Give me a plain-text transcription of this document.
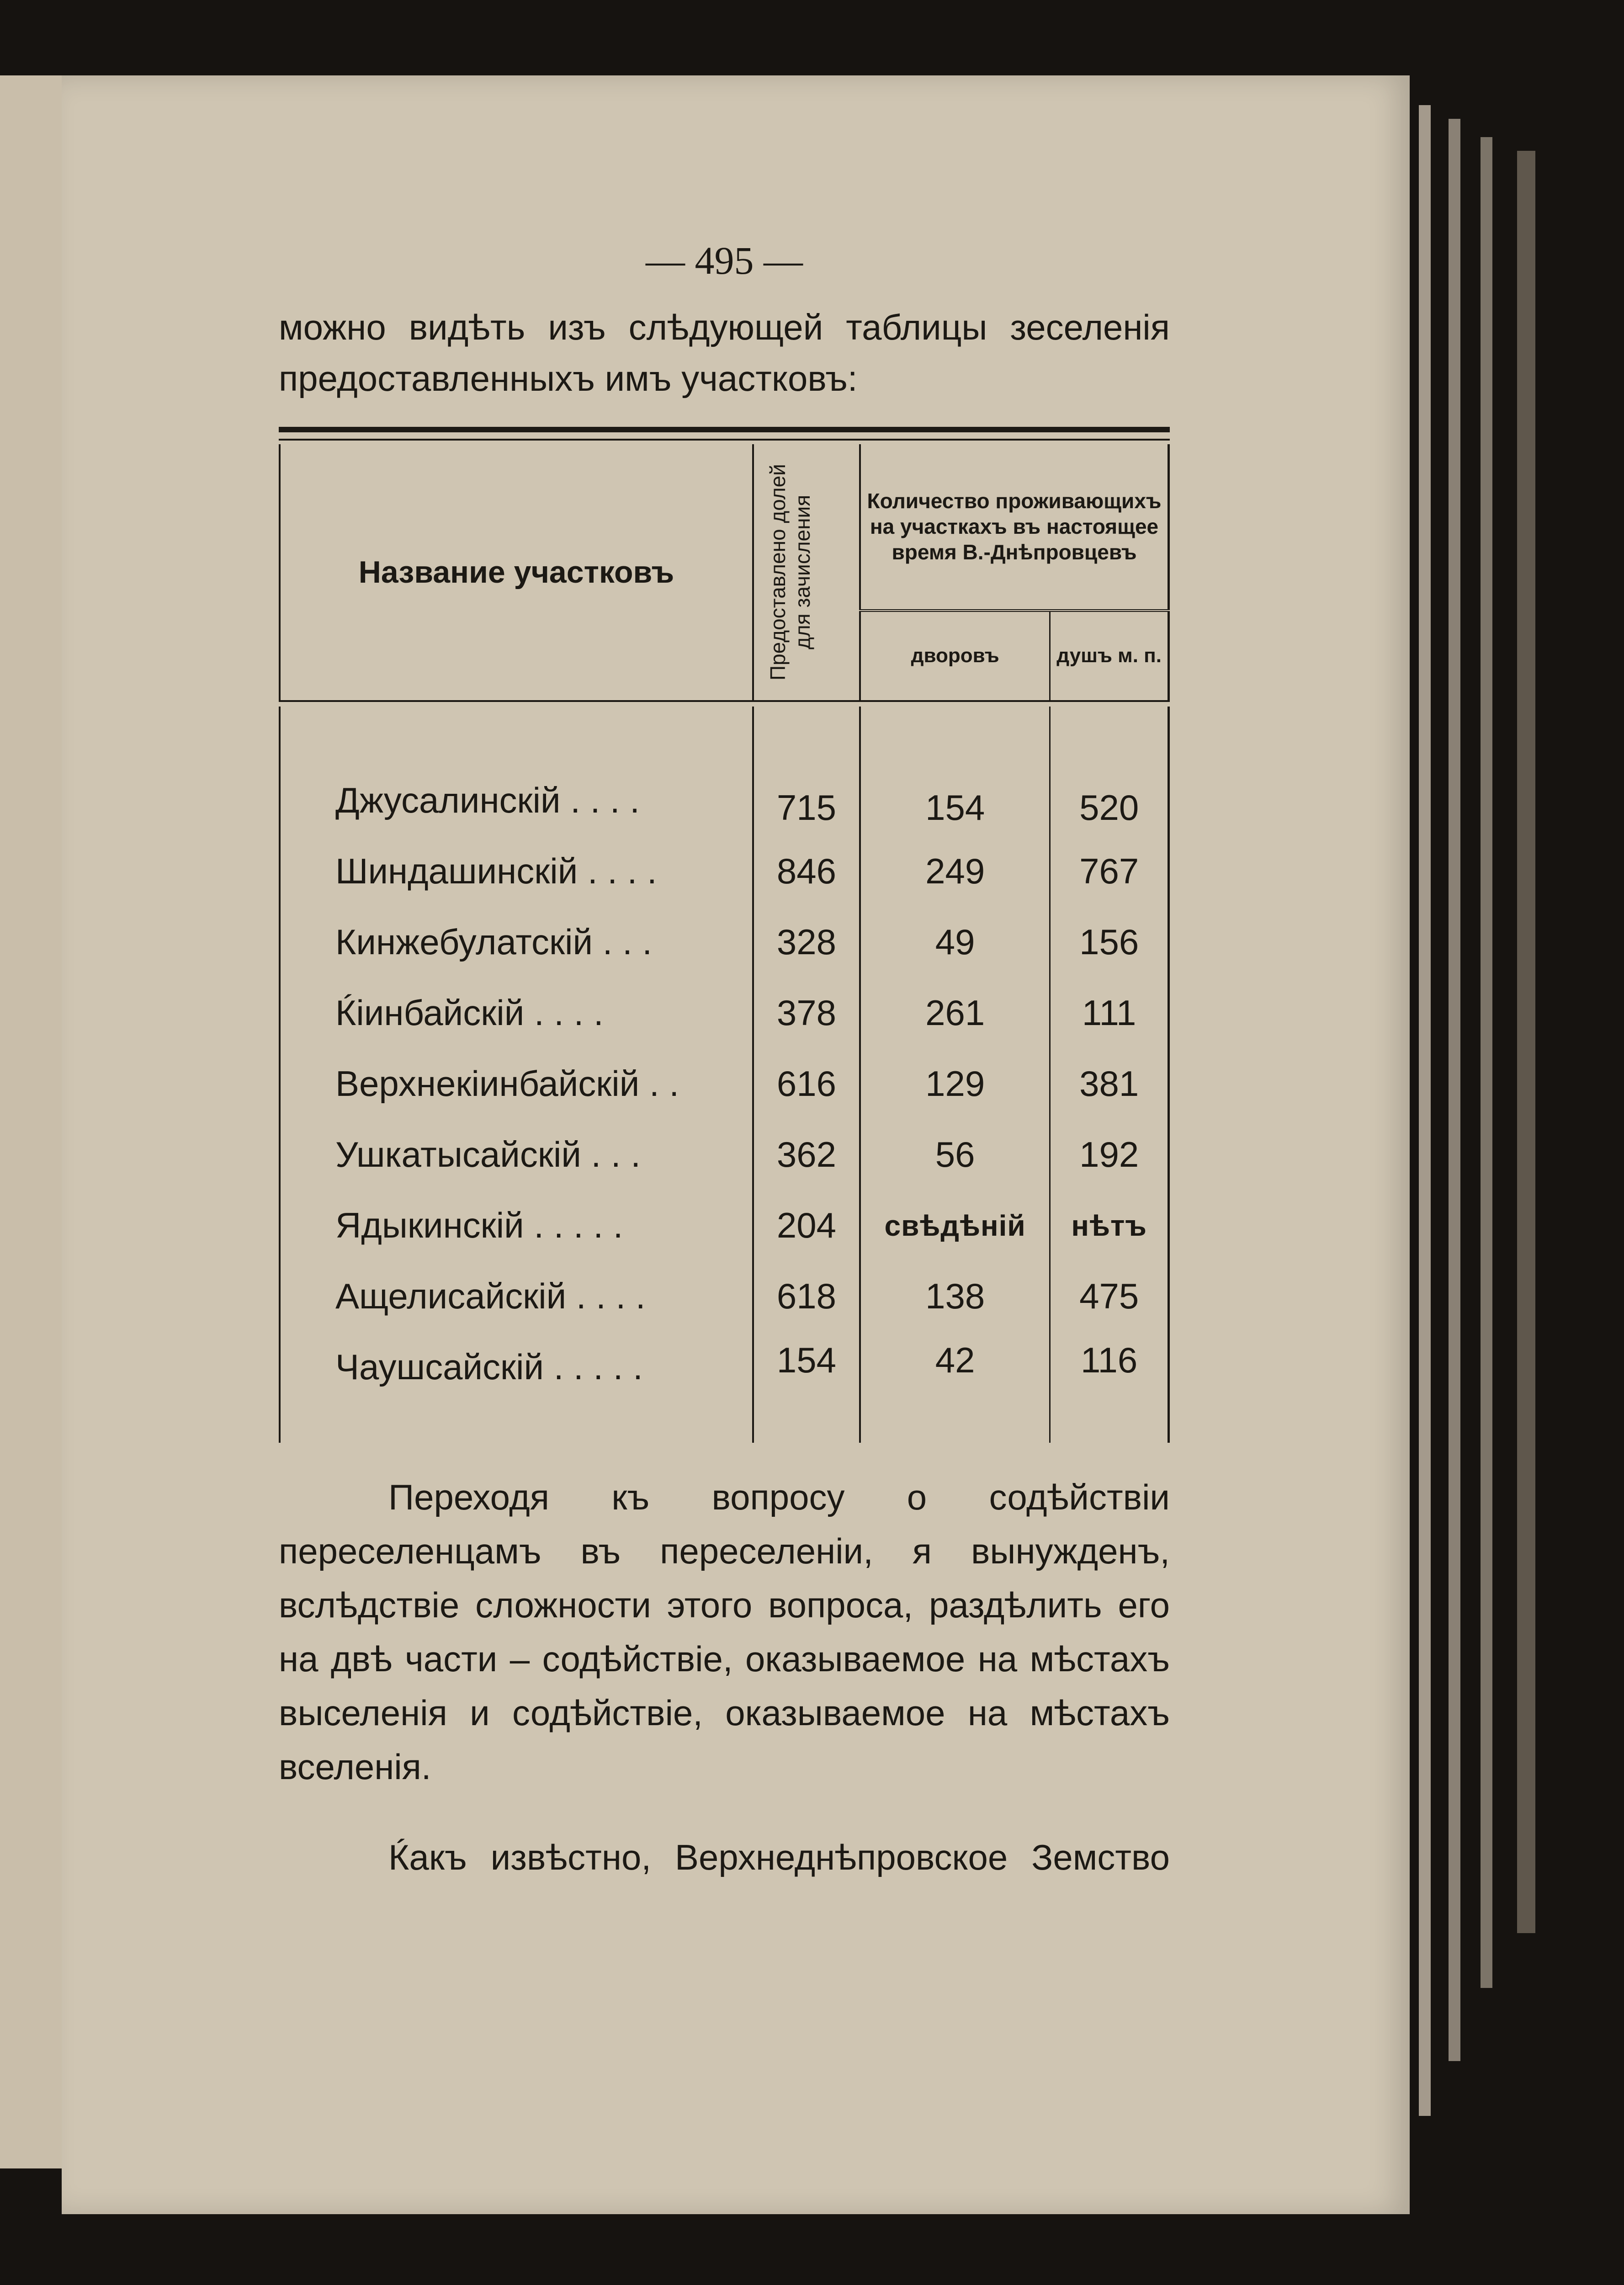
— 495 —

можно видѣть изъ слѣдующей таблицы зеселенія предоставленныхъ имъ участковъ:

Название участковъ	Предоставлено долей для зачисления	Количество проживающихъ на участкахъ въ настоящее время В.-Днѣпровцевъ	
		дворовъ	душъ м. п.

Джусалинскій . . . .	715	154	520
Шиндашинскій . . . .	846	249	767
Кинжебулатскій . . .	328	49	156
Ќіинбайскій . . . .	378	261	111
Верхнекіинбайскій . .	616	129	381
Ушкатысайскій . . .	362	56	192
Ядыкинскій . . . . .	204	свѣдѣній	нѣтъ
Ащелисайскій . . . .	618	138	475
Чаушсайскій . . . . .	154	42	116

Переходя къ вопросу о содѣйствіи переселенцамъ въ переселеніи, я вынужденъ, вслѣдствіе сложности этого вопроса, раздѣлить его на двѣ части – содѣйствіе, оказываемое на мѣстахъ выселенія и содѣйствіе, оказываемое на мѣстахъ вселенія.

Ќакъ извѣстно, Верхнеднѣпровское Земство
